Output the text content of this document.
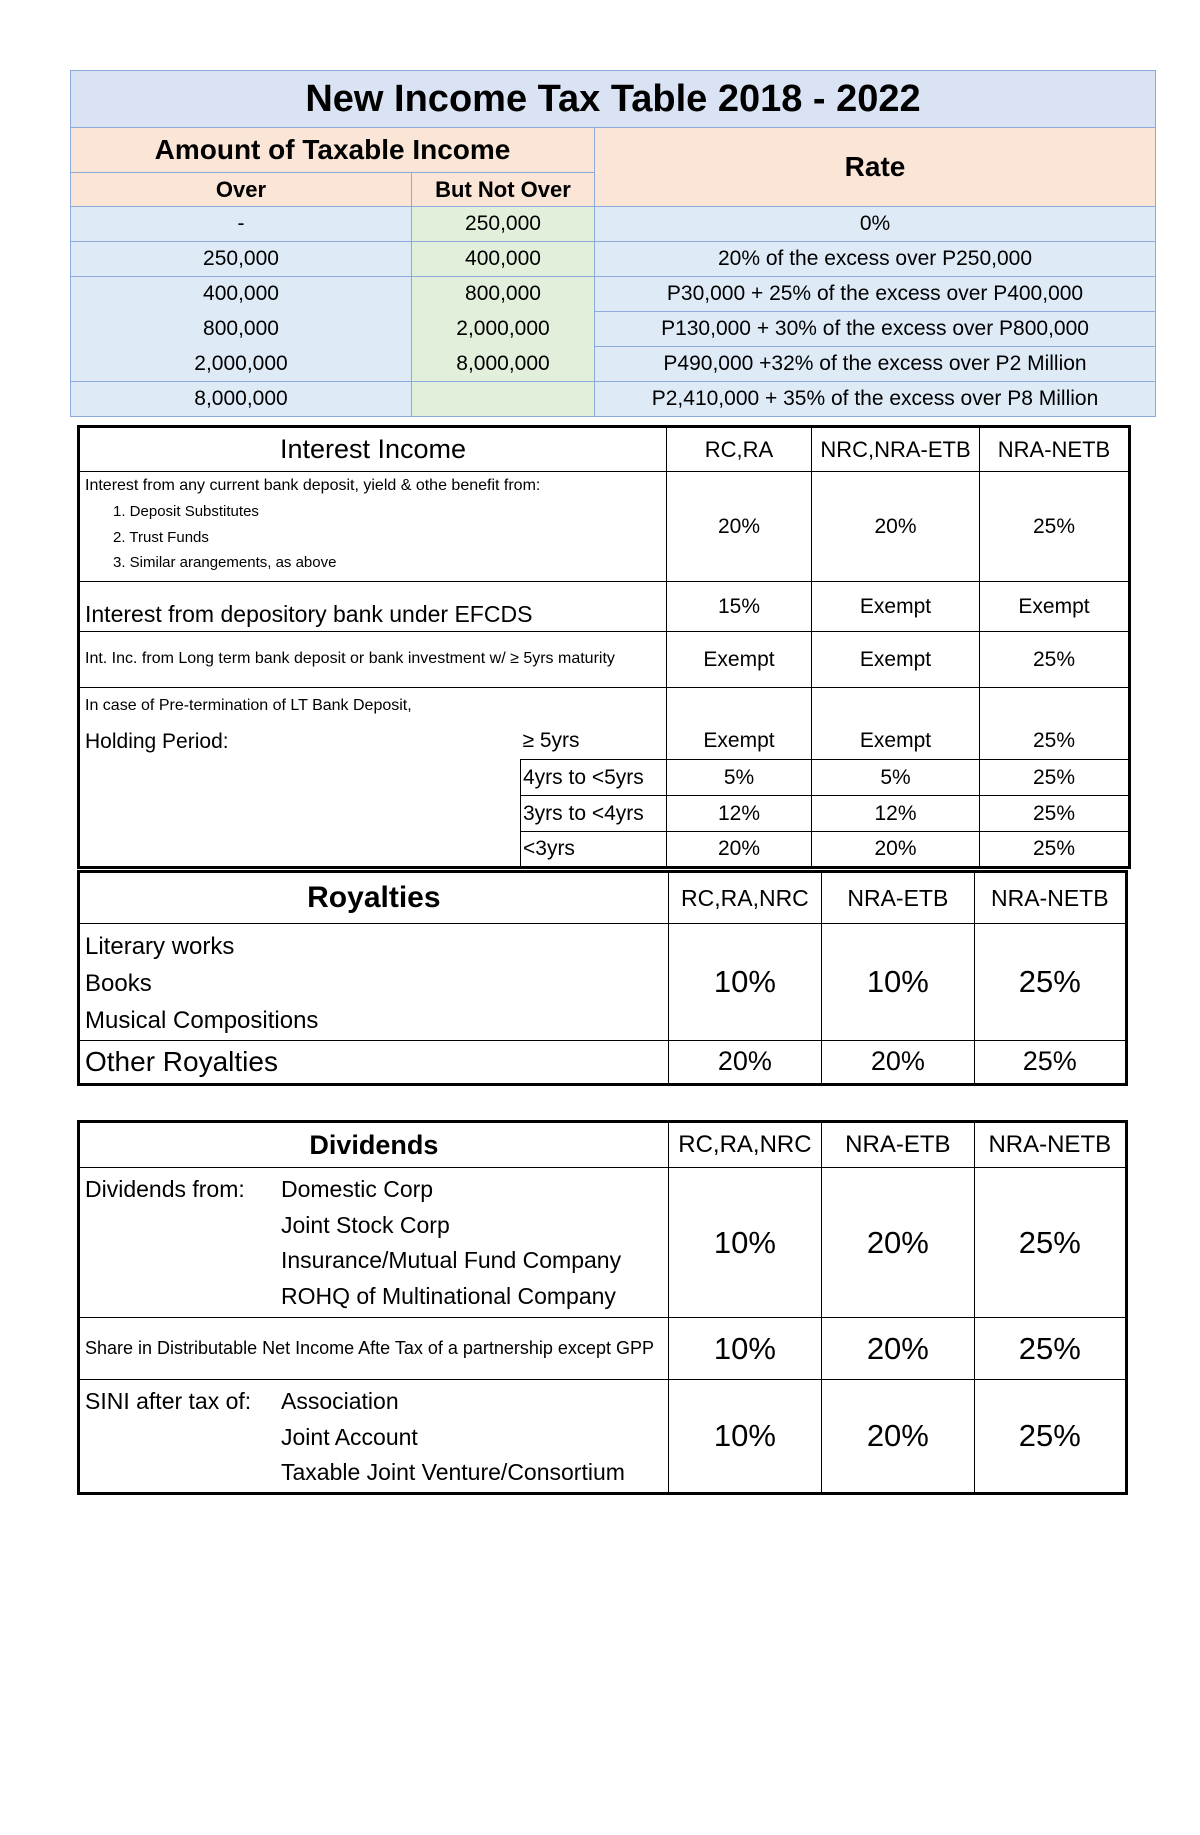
New Income Tax Table 2018 - 2022		
Amount of Taxable Income		Rate
Over	But Not Over	
-	250,000	0%
250,000	400,000	20% of the excess over P250,000
400,000	800,000	P30,000 + 25% of the excess over P400,000
800,000	2,000,000	P130,000 + 30% of the excess over P800,000
2,000,000	8,000,000	P490,000 +32% of the excess over P2 Million
8,000,000		P2,410,000 + 35% of the excess over P8 Million
Interest Income		RC,RA	NRC,NRA-ETB	NRA-NETB

Interest from any current bank deposit, yield & othe benefit from:
1. Deposit Substitutes
2. Trust Funds
3. Similar arangements, as above		20%	20%	25%
Interest from depository bank under EFCDS		15%	Exempt	Exempt
Int. Inc. from Long term bank deposit or bank investment w/ ≥ 5yrs maturity		Exempt	Exempt	25%
In case of Pre-termination of LT Bank Deposit,				
Holding Period:	≥ 5yrs	Exempt	Exempt	25%
	4yrs to <5yrs	5%	5%	25%
	3yrs to <4yrs	12%	12%	25%
	<3yrs	20%	20%	25%
Royalties	RC,RA,NRC	NRA-ETB	NRA-NETB

Literary works
Books
Musical Compositions	10%	10%	25%
Other Royalties	20%	20%	25%
Dividends	RC,RA,NRC	NRA-ETB	NRA-NETB

Dividends from: Domestic Corp
Joint Stock Corp
Insurance/Mutual Fund Company
ROHQ of Multinational Company	10%	20%	25%
Share in Distributable Net Income Afte Tax of a partnership except GPP	10%	20%	25%

SINI after tax of: Association
Joint Account
Taxable Joint Venture/Consortium	10%	20%	25%
